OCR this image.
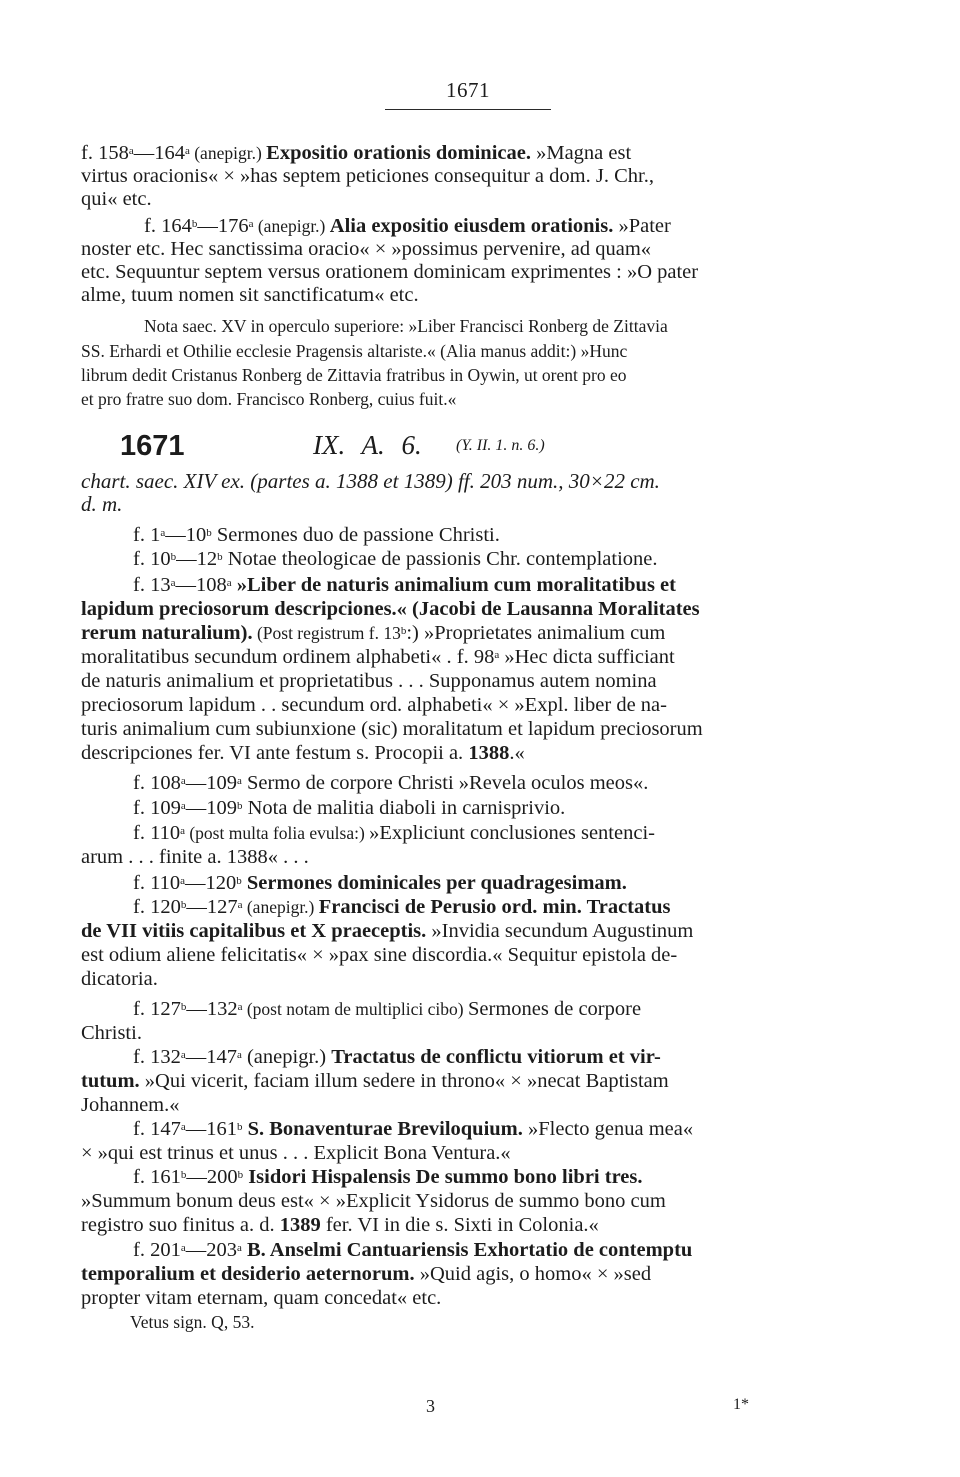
1671
f. 158$^a$—164$^a$ (anepigr.) Expositio orationis dominicae. »Magna est
virtus oracionis« × »has septem peticiones consequitur a dom. J. Chr.,
qui« etc.
f. 164$^b$—176$^a$ (anepigr.) Alia expositio eiusdem orationis. »Pater
noster etc. Hec sanctissima oracio« × »possimus pervenire, ad quam«
etc. Sequuntur septem versus orationem dominicam exprimentes : »O pater
alme, tuum nomen sit sanctificatum« etc.
Nota saec. XV in operculo superiore: »Liber Francisci Ronberg de Zittavia
SS. Erhardi et Othilie ecclesie Pragensis altariste.« (Alia manus addit:) »Hunc
librum dedit Cristanus Ronberg de Zittavia fratribus in Oywin, ut orent pro eo
et pro fratre suo dom. Francisco Ronberg, cuius fuit.«
1671	IX. A. 6. (Y. II. 1. n. 6.)
chart. saec. XIV ex. (partes a. 1388 et 1389) ff. 203 num., 30×22 cm.
d. m.
f. 1$^a$—10$^b$ Sermones duo de passione Christi.
f. 10$^b$—12$^b$ Notae theologicae de passionis Chr. contemplatione.
f. 13$^a$—108$^a$ »Liber de naturis animalium cum moralitatibus et
lapidum preciosorum descripciones.« (Jacobi de Lausanna Moralitates
rerum naturalium). (Post registrum f. 13$^b$:) »Proprietates animalium cum
moralitatibus secundum ordinem alphabeti« . f. 98$^a$ »Hec dicta sufficiant
de naturis animalium et proprietatibus . . . Supponamus autem nomina
preciosorum lapidum . . secundum ord. alphabeti« × »Expl. liber de na-
turis animalium cum subiunxione (sic) moralitatum et lapidum preciosorum
descripciones fer. VI ante festum s. Procopii a. 1388.«
f. 108$^a$—109$^a$ Sermo de corpore Christi »Revela oculos meos«.
f. 109$^a$—109$^b$ Nota de malitia diaboli in carnisprivio.
f. 110$^a$ (post multa folia evulsa:) »Expliciunt conclusiones sentenci-
arum . . . finite a. 1388« . . .
f. 110$^a$—120$^b$ Sermones dominicales per quadragesimam.
f. 120$^b$—127$^a$ (anepigr.) Francisci de Perusio ord. min. Tractatus
de VII vitiis capitalibus et X praeceptis. »Invidia secundum Augustinum
est odium aliene felicitatis« × »pax sine discordia.« Sequitur epistola de-
dicatoria.
f. 127$^b$—132$^a$ (post notam de multiplici cibo) Sermones de corpore
Christi.
f. 132$^a$—147$^a$ (anepigr.) Tractatus de conflictu vitiorum et vir-
tutum. »Qui vicerit, faciam illum sedere in throno« × »necat Baptistam
Johannem.«
f. 147$^a$—161$^b$ S. Bonaventurae Breviloquium. »Flecto genua mea«
× »qui est trinus et unus . . . Explicit Bona Ventura.«
f. 161$^b$—200$^b$ Isidori Hispalensis De summo bono libri tres.
»Summum bonum deus est« × »Explicit Ysidorus de summo bono cum
registro suo finitus a. d. 1389 fer. VI in die s. Sixti in Colonia.«
f. 201$^a$—203$^a$ B. Anselmi Cantuariensis Exhortatio de contemptu
temporalium et desiderio aeternorum. »Quid agis, o homo« × »sed
propter vitam eternam, quam concedat« etc.
Vetus sign. Q, 53.
3	1*
